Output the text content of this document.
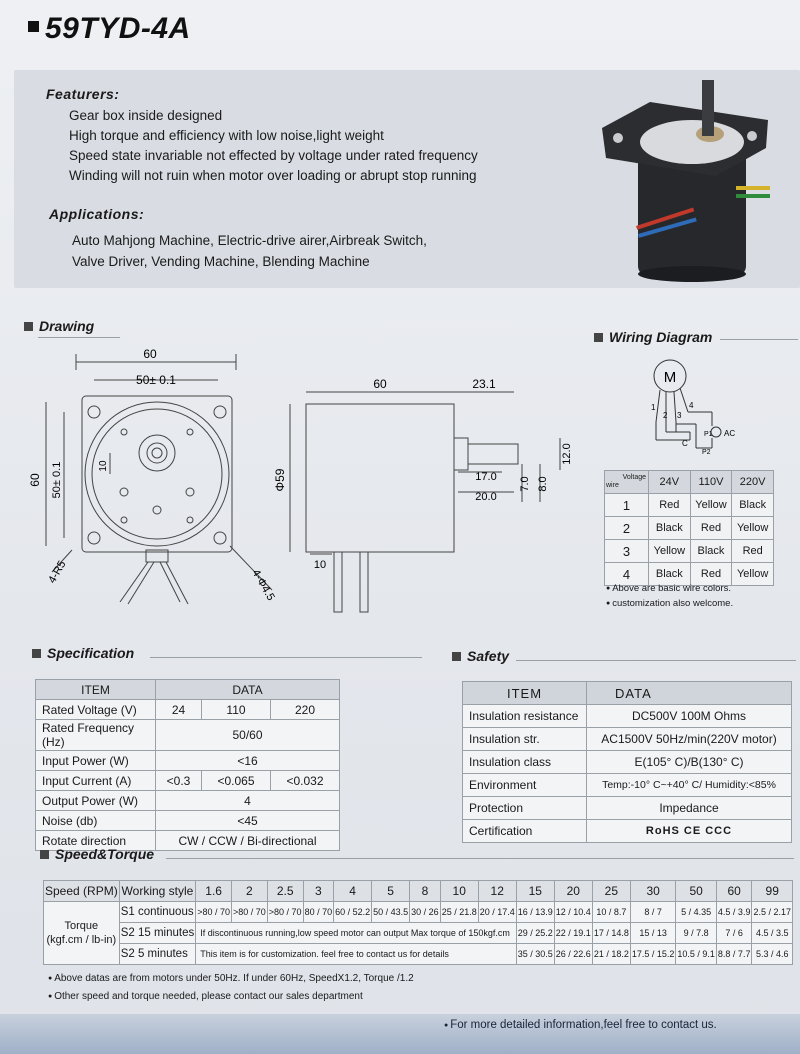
59TYD-4A
Featurers:
Gear box inside designed
High torque and efficiency with low noise,light weight
Speed state invariable not effected by voltage under rated frequency
Winding will not ruin when motor over loading or abrupt stop running
Applications:
Auto Mahjong Machine, Electric-drive airer,Airbreak Switch,
Valve Driver, Vending Machine, Blending Machine
Drawing
60
50± 0.1
60 50± 0.1	10
4-R5	4-Φ4.5
60	23.1
Φ59
12.0
17.0
20.0
7.0 8.0
10
Wiring Diagram
M
1
2 3
4
P1
P2
C
AC
Voltage

wire	24V	110V	220V
1	Red	Yellow	Black
2	Black	Red	Yellow
3	Yellow	Black	Red
4	Black	Red	Yellow
● Above are basic wire colors.
● customization also welcome.
Specification
ITEM	DATA		
Rated Voltage (V)	24	110	220
Rated Frequency (Hz)	50/60		
Input Power (W)	<16		
Input Current (A)	<0.3	<0.065	<0.032
Output Power (W)	4		
Noise (db)	<45		
Rotate direction	CW / CCW / Bi-directional		
Safety
ITEM	DATA
Insulation resistance	DC500V 100M Ohms
Insulation str.	AC1500V 50Hz/min(220V motor)
Insulation class	E(105° C)/B(130° C)
Environment	Temp:-10° C~+40° C/ Humidity:<85%
Protection	Impedance
Certification	RoHS CE CCC
Speed&Torque
Speed (RPM)	Working style	1.6	2	2.5	3	4	5	8	10	12	15	20	25	30	50	60	99
Torque
(kgf.cm / lb-in)	S1 continuous	>80 / 70	>80 / 70	>80 / 70	80 / 70	60 / 52.2	50 / 43.5	30 / 26	25 / 21.8	20 / 17.4	16 / 13.9	12 / 10.4	10 / 8.7	8 / 7	5 / 4.35	4.5 / 3.9	2.5 / 2.17
	S2 15 minutes	If discontinuous running,low speed motor can output Max torque of 150kgf.cm									29 / 25.2	22 / 19.1	17 / 14.8	15 / 13	9 / 7.8	7 / 6	4.5 / 3.5
	S2 5 minutes	This item is for customization. feel free to contact us for details									35 / 30.5	26 / 22.6	21 / 18.2	17.5 / 15.2	10.5 / 9.1	8.8 / 7.7	5.3 / 4.6
● Above datas are from motors under 50Hz. If under 60Hz, SpeedX1.2, Torque /1.2
● Other speed and torque needed, please contact our sales department
● For more detailed information,feel free to contact us.
